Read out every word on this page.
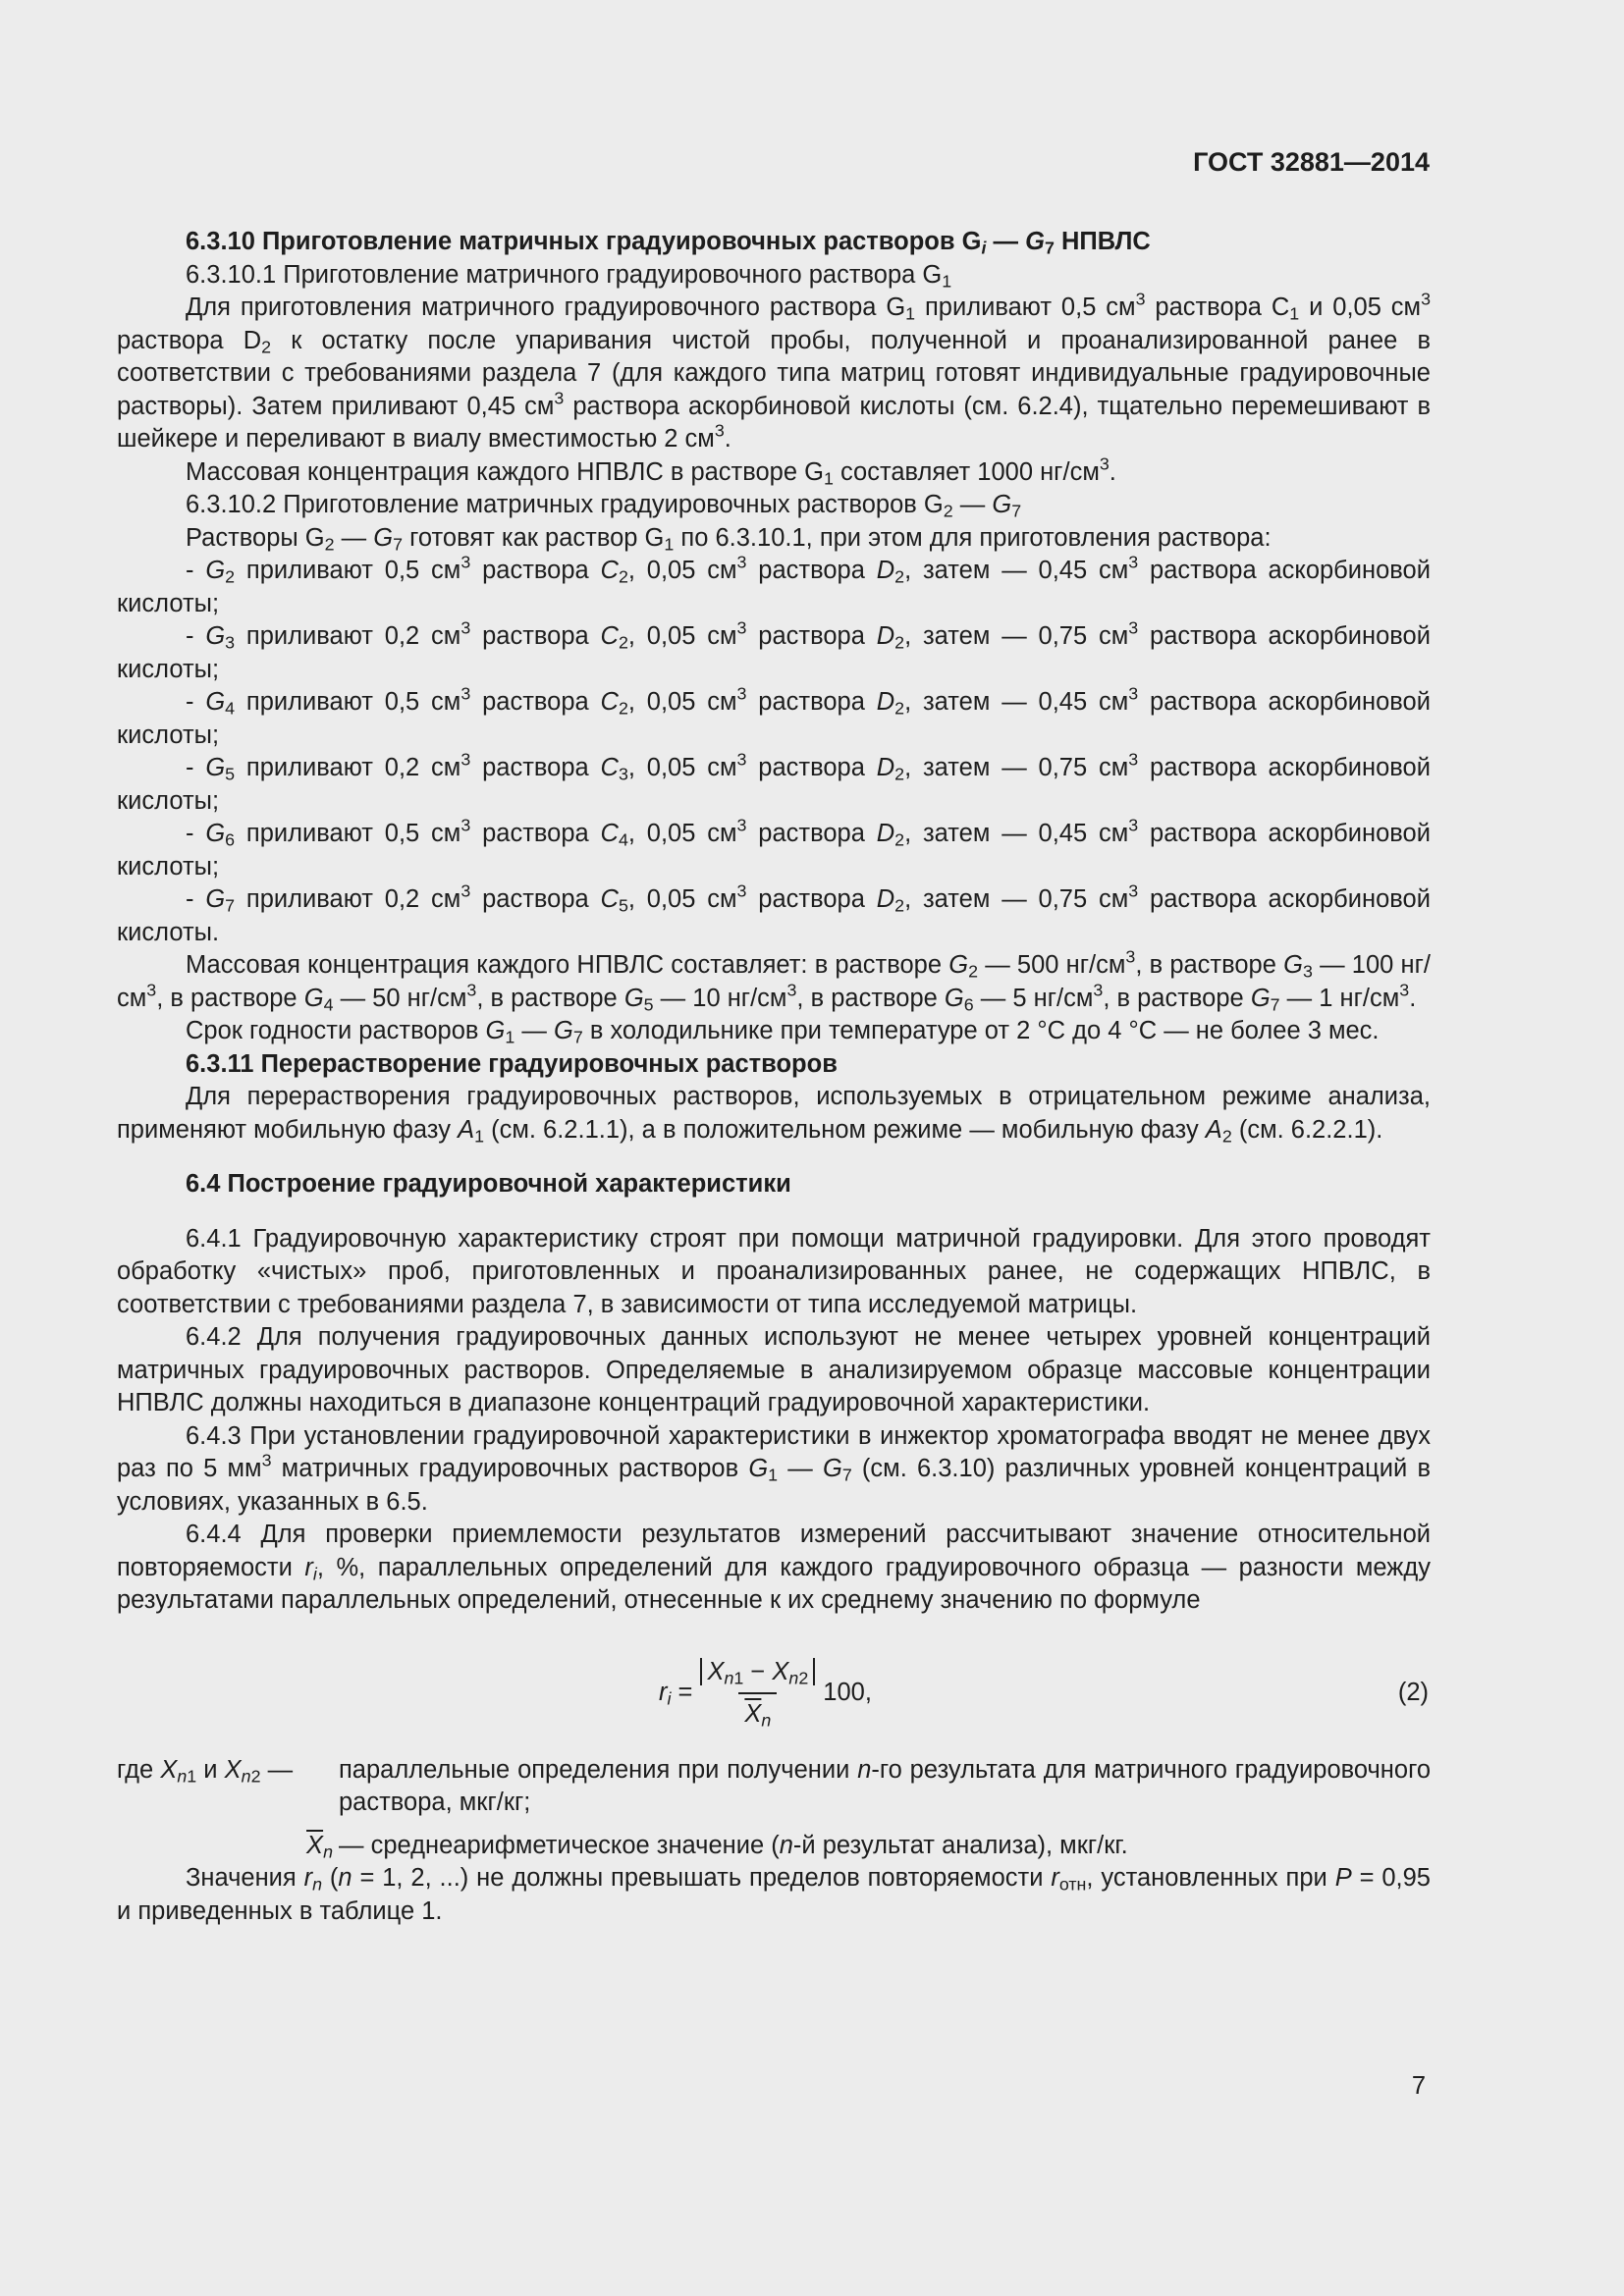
ГОСТ 32881—2014

6.3.10 Приготовление матричных градуировочных растворов $G_i$ — $G_7$ НПВЛС

6.3.10.1 Приготовление матричного градуировочного раствора $G_1$

Для приготовления матричного градуировочного раствора $G_1$ приливают 0,5 $см^3$ раствора $C_1$ и 0,05 $см^3$ раствора $D_2$ к остатку после упаривания чистой пробы, полученной и проанализированной ранее в соответствии с требованиями раздела 7 (для каждого типа матриц готовят индивидуальные градуировочные растворы). Затем приливают 0,45 $см^3$ раствора аскорбиновой кислоты (см. 6.2.4), тщательно перемешивают в шейкере и переливают в виалу вместимостью 2 $см^3$.

Массовая концентрация каждого НПВЛС в растворе $G_1$ составляет 1000 $нг/см^3$.

6.3.10.2 Приготовление матричных градуировочных растворов $G_2$ — $G_7$

Растворы $G_2$ — $G_7$ готовят как раствор $G_1$ по 6.3.10.1, при этом для приготовления раствора:

- $G_2$ приливают 0,5 $см^3$ раствора $C_2$, 0,05 $см^3$ раствора $D_2$, затем — 0,45 $см^3$ раствора аскорбиновой кислоты;

- $G_3$ приливают 0,2 $см^3$ раствора $C_2$, 0,05 $см^3$ раствора $D_2$, затем — 0,75 $см^3$ раствора аскорбиновой кислоты;

- $G_4$ приливают 0,5 $см^3$ раствора $C_2$, 0,05 $см^3$ раствора $D_2$, затем — 0,45 $см^3$ раствора аскорбиновой кислоты;

- $G_5$ приливают 0,2 $см^3$ раствора $C_3$, 0,05 $см^3$ раствора $D_2$, затем — 0,75 $см^3$ раствора аскорбиновой кислоты;

- $G_6$ приливают 0,5 $см^3$ раствора $C_4$, 0,05 $см^3$ раствора $D_2$, затем — 0,45 $см^3$ раствора аскорбиновой кислоты;

- $G_7$ приливают 0,2 $см^3$ раствора $C_5$, 0,05 $см^3$ раствора $D_2$, затем — 0,75 $см^3$ раствора аскорбиновой кислоты.

Массовая концентрация каждого НПВЛС составляет: в растворе $G_2$ — 500 $нг/см^3$, в растворе $G_3$ — 100 $нг/см^3$, в растворе $G_4$ — 50 $нг/см^3$, в растворе $G_5$ — 10 $нг/см^3$, в растворе $G_6$ — 5 $нг/см^3$, в растворе $G_7$ — 1 $нг/см^3$.

Срок годности растворов $G_1$ — $G_7$ в холодильнике при температуре от 2 °С до 4 °С — не более 3 мес.

6.3.11 Перерастворение градуировочных растворов

Для перерастворения градуировочных растворов, используемых в отрицательном режиме анализа, применяют мобильную фазу $A_1$ (см. 6.2.1.1), а в положительном режиме — мобильную фазу $A_2$ (см. 6.2.2.1).

6.4 Построение градуировочной характеристики

6.4.1 Градуировочную характеристику строят при помощи матричной градуировки. Для этого проводят обработку «чистых» проб, приготовленных и проанализированных ранее, не содержащих НПВЛС, в соответствии с требованиями раздела 7, в зависимости от типа исследуемой матрицы.

6.4.2 Для получения градуировочных данных используют не менее четырех уровней концентраций матричных градуировочных растворов. Определяемые в анализируемом образце массовые концентрации НПВЛС должны находиться в диапазоне концентраций градуировочной характеристики.

6.4.3 При установлении градуировочной характеристики в инжектор хроматографа вводят не менее двух раз по 5 $мм^3$ матричных градуировочных растворов $G_1$ — $G_7$ (см. 6.3.10) различных уровней концентраций в условиях, указанных в 6.5.

6.4.4 Для проверки приемлемости результатов измерений рассчитывают значение относительной повторяемости $r_i$, %, параллельных определений для каждого градуировочного образца — разности между результатами параллельных определений, отнесенные к их среднему значению по формуле

$r_i = \frac{X_{n1} - X_{n2}}{\overline{X}_n} 100$,	(2)
где $X_{n1}$ и $X_{n2}$ —	параллельные определения при получении n-го результата для матричного градуировочного раствора, мкг/кг;
$\overline{X}_n$ — среднеарифметическое значение (n-й результат анализа), мкг/кг.

Значения $r_n$ (n = 1, 2, ...) не должны превышать пределов повторяемости $r_{отн}$, установленных при P = 0,95 и приведенных в таблице 1.

7
